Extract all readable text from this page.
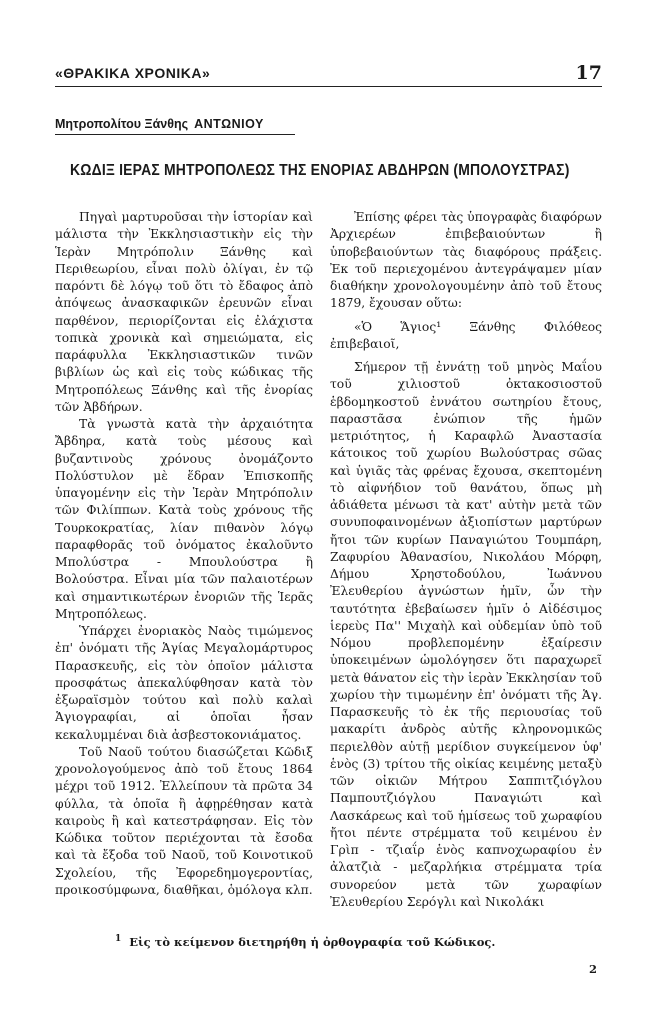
«ΘΡΑΚΙΚΑ ΧΡΟΝΙΚΑ»	17
Μητροπολίτου Ξάνθης ΑΝΤΩΝΙΟΥ
ΚΩΔΙΞ ΙΕΡΑΣ ΜΗΤΡΟΠΟΛΕΩΣ ΤΗΣ ΕΝΟΡΙΑΣ ΑΒΔΗΡΩΝ (ΜΠΟΛΟΥΣΤΡΑΣ)

Πηγαὶ μαρτυροῦσαι τὴν ἱστορίαν καὶ μάλιστα τὴν Ἐκκλησιαστικὴν εἰς τὴν Ἱερὰν Μητρόπολιν Ξάνθης καὶ Περιθεωρίου, εἶναι πολὺ ὀλίγαι, ἐν τῷ παρόντι δὲ λόγῳ τοῦ ὅτι τὸ ἔδαφος ἀπὸ ἀπόψεως ἀνασκαφικῶν ἐρευνῶν εἶναι παρθένον, περιορίζονται εἰς ἐλάχιστα τοπικὰ χρονικὰ καὶ σημειώματα, εἰς παράφυλλα Ἐκκλησιαστικῶν τινῶν βιβλίων ὡς καὶ εἰς τοὺς κώδικας τῆς Μητροπόλεως Ξάνθης καὶ τῆς ἐνορίας τῶν Ἀβδήρων.

Τὰ γνωστὰ κατὰ τὴν ἀρχαιότητα Ἄβδηρα, κατὰ τοὺς μέσους καὶ βυζαντινοὺς χρόνους ὀνομάζοντο Πολύστυλον μὲ ἕδραν Ἐπισκοπῆς ὑπαγομένην εἰς τὴν Ἱερὰν Μητρόπολιν τῶν Φιλίππων. Κατὰ τοὺς χρόνους τῆς Τουρκοκρατίας, λίαν πιθανὸν λόγῳ παραφθορᾶς τοῦ ὀνόματος ἐκαλοῦντο Μπολύστρα - Μπουλούστρα ἢ Βολούστρα. Εἶναι μία τῶν παλαιοτέρων καὶ σημαντικωτέρων ἐνοριῶν τῆς Ἱερᾶς Μητροπόλεως.

Ὑπάρχει ἐνοριακὸς Ναὸς τιμώμενος ἐπ' ὀνόματι τῆς Ἁγίας Μεγαλομάρτυρος Παρασκευῆς, εἰς τὸν ὁποῖον μάλιστα προσφάτως ἀπεκαλύφθησαν κατὰ τὸν ἐξωραϊσμὸν τούτου καὶ πολὺ καλαὶ Ἁγιογραφίαι, αἱ ὁποῖαι ἦσαν κεκαλυμμέναι διὰ ἀσβεστοκονιάματος.

Τοῦ Ναοῦ τούτου διασώζεται Κῶδιξ χρονολογούμενος ἀπὸ τοῦ ἔτους 1864 μέχρι τοῦ 1912. Ἐλλείπουν τὰ πρῶτα 34 φύλλα, τὰ ὁποῖα ἢ ἀφῃρέθησαν κατὰ καιροὺς ἢ καὶ κατεστράφησαν. Εἰς τὸν Κώδικα τοῦτον περιέχονται τὰ ἔσοδα καὶ τὰ ἔξοδα τοῦ Ναοῦ, τοῦ Κοινοτικοῦ Σχολείου, τῆς Ἐφορεδημογεροντίας, προικοσύμφωνα, διαθῆκαι, ὁμόλογα κλπ.

Ἐπίσης φέρει τὰς ὑπογραφὰς διαφόρων Ἀρχιερέων ἐπιβεβαιούντων ἢ ὑποβεβαιούντων τὰς διαφόρους πράξεις. Ἐκ τοῦ περιεχομένου ἀντεγράψαμεν μίαν διαθήκην χρονολογουμένην ἀπὸ τοῦ ἔτους 1879, ἔχουσαν οὕτω:

«Ὁ Ἅγιος¹ Ξάνθης Φιλόθεος ἐπιβεβαιοῖ,

Σήμερον τῇ ἐννάτῃ τοῦ μηνὸς Μαΐου τοῦ χιλιοστοῦ ὀκτακοσιοστοῦ ἑβδομηκοστοῦ ἐννάτου σωτηρίου ἔτους, παραστᾶσα ἐνώπιον τῆς ἡμῶν μετριότητος, ἡ Καραφλῶ Ἀναστασία κάτοικος τοῦ χωρίου Βωλούστρας σῶας καὶ ὑγιᾶς τὰς φρένας ἔχουσα, σκεπτομένη τὸ αἰφνήδιον τοῦ θανάτου, ὅπως μὴ ἀδιάθετα μένωσι τὰ κατ' αὐτὴν μετὰ τῶν συνυποφαινομένων ἀξιοπίστων μαρτύρων ἤτοι τῶν κυρίων Παναγιώτου Τουμπάρη, Ζαφυρίου Ἀθανασίου, Νικολάου Μόρφη, Δήμου Χρηστοδούλου, Ἰωάννου Ἐλευθερίου ἀγνώστων ἡμῖν, ὧν τὴν ταυτότητα ἐβεβαίωσεν ἡμῖν ὁ Αἰδέσιμος ἱερεὺς Πα'' Μιχαὴλ καὶ οὐδεμίαν ὑπὸ τοῦ Νόμου προβλεπομένην ἐξαίρεσιν ὑποκειμένων ὡμολόγησεν ὅτι παραχωρεῖ μετὰ θάνατον εἰς τὴν ἱερὰν Ἐκκλησίαν τοῦ χωρίου τὴν τιμωμένην ἐπ' ὀνόματι τῆς Ἁγ. Παρασκευῆς τὸ ἐκ τῆς περιουσίας τοῦ μακαρίτι ἀνδρὸς αὐτῆς κληρονομικῶς περιελθὸν αὐτῇ μερίδιον συγκείμενον ὑφ' ἑνὸς (3) τρίτου τῆς οἰκίας κειμένης μεταξὺ τῶν οἰκιῶν Μήτρου Σαππιτζιόγλου Παμπουτζιόγλου Παναγιώτι καὶ Λασκάρεως καὶ τοῦ ἡμίσεως τοῦ χωραφίου ἤτοι πέντε στρέμματα τοῦ κειμένου ἐν Γρὶπ - τζιαΐρ ἑνὸς καπνοχωραφίου ἐν ἀλατζιὰ - μεζαρλήκια στρέμματα τρία συνορεύον μετὰ τῶν χωραφίων Ἐλευθερίου Σερόγλι καὶ Νικολάκι

$^1$ Εἰς τὸ κείμενον διετηρήθη ἡ ὀρθογραφία τοῦ Κώδικος.
2
